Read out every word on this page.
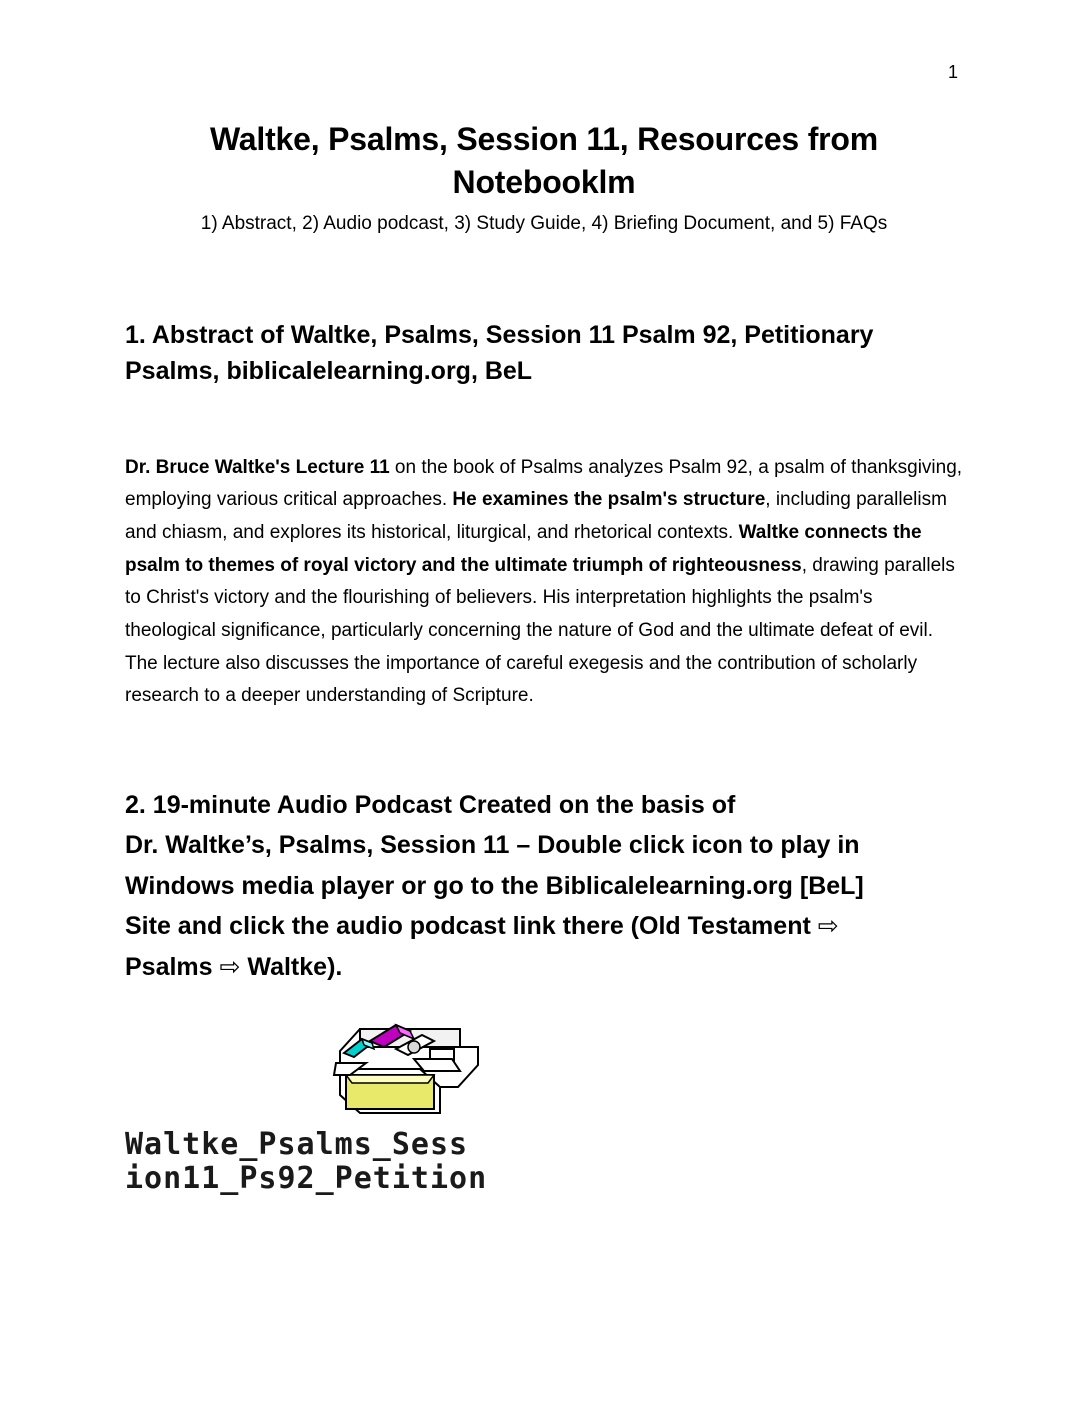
1
Waltke, Psalms, Session 11, Resources from
Notebooklm
1) Abstract, 2) Audio podcast, 3) Study Guide, 4) Briefing Document, and 5) FAQs
1. Abstract of Waltke, Psalms, Session 11 Psalm 92, Petitionary
Psalms, biblicalelearning.org, BeL

Dr. Bruce Waltke's Lecture 11 on the book of Psalms analyzes Psalm 92, a psalm of thanksgiving, employing various critical approaches. He examines the psalm's structure, including parallelism and chiasm, and explores its historical, liturgical, and rhetorical contexts. Waltke connects the psalm to themes of royal victory and the ultimate triumph of righteousness, drawing parallels to Christ's victory and the flourishing of believers. His interpretation highlights the psalm's theological significance, particularly concerning the nature of God and the ultimate defeat of evil. The lecture also discusses the importance of careful exegesis and the contribution of scholarly research to a deeper understanding of Scripture.

2. 19-minute Audio Podcast Created on the basis of
Dr. Waltke’s, Psalms, Session 11 – Double click icon to play in
Windows media player or go to the Biblicalelearning.org [BeL]
Site and click the audio podcast link there (Old Testament ⇨
Psalms ⇨ Waltke).
Waltke_Psalms_Sess
ion11_Ps92_Petition
